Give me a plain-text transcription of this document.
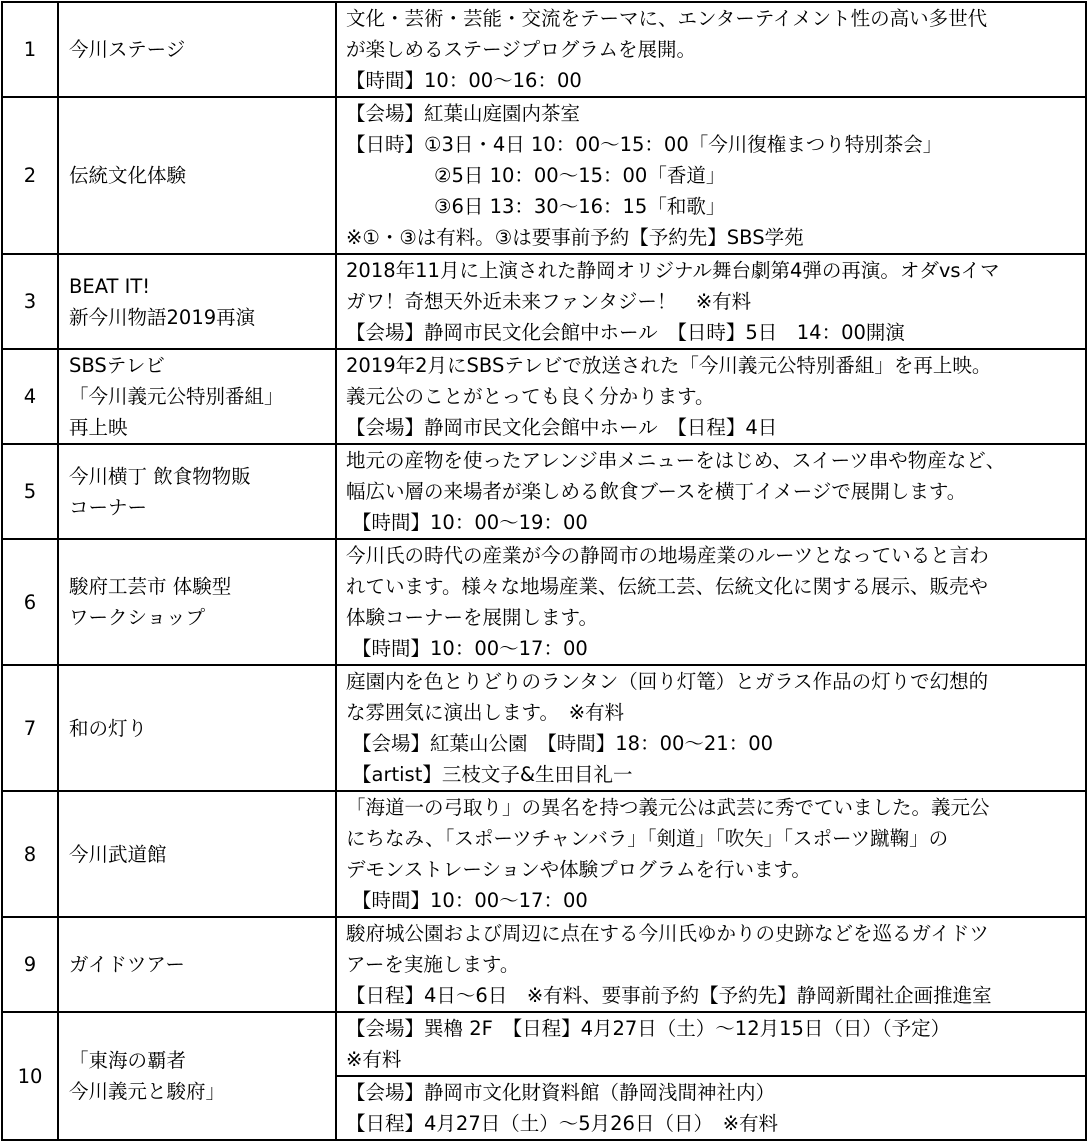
1	今川ステージ	文化・芸術・芸能・交流をテーマに、エンターテイメント性の高い多世代
が楽しめるステージプログラムを展開。
【時間】10：00～16：00

2	伝統文化体験	【会場】紅葉山庭園内茶室
【日時】①3日・4日 10：00～15：00「今川復権まつり特別茶会」
②5日 10：00～15：00「香道」
③6日 13：30～16：15「和歌」
※①・③は有料。③は要事前予約【予約先】SBS学苑

3	BEAT IT!
新今川物語2019再演	2018年11月に上演された静岡オリジナル舞台劇第4弾の再演。オダvsイマ
ガワ！奇想天外近未来ファンタジー！　※有料
【会場】静岡市民文化会館中ホール　【日時】5日　14：00開演

4	SBSテレビ
「今川義元公特別番組」
再上映	2019年2月にSBSテレビで放送された「今川義元公特別番組」を再上映。
義元公のことがとっても良く分かります。
【会場】静岡市民文化会館中ホール　【日程】4日

5	今川横丁 飲食物物販
コーナー	地元の産物を使ったアレンジ串メニューをはじめ、スイーツ串や物産など、
幅広い層の来場者が楽しめる飲食ブースを横丁イメージで展開します。
【時間】10：00～19：00

6	駿府工芸市 体験型
ワークショップ	今川氏の時代の産業が今の静岡市の地場産業のルーツとなっていると言わ
れています。様々な地場産業、伝統工芸、伝統文化に関する展示、販売や
体験コーナーを展開します。
【時間】10：00～17：00

7	和の灯り	庭園内を色とりどりのランタン（回り灯篭）とガラス作品の灯りで幻想的
な雰囲気に演出します。　※有料
【会場】紅葉山公園　【時間】18：00～21：00
【artist】三枝文子&生田目礼一

8	今川武道館	「海道一の弓取り」の異名を持つ義元公は武芸に秀でていました。義元公
にちなみ、「スポーツチャンバラ」「剣道」「吹矢」「スポーツ蹴鞠」の
デモンストレーションや体験プログラムを行います。
【時間】10：00～17：00

9	ガイドツアー	駿府城公園および周辺に点在する今川氏ゆかりの史跡などを巡るガイドツ
アーを実施します。
【日程】4日～6日　※有料、要事前予約【予約先】静岡新聞社企画推進室

10	「東海の覇者
今川義元と駿府」	【会場】巽櫓 2F　【日程】4月27日（土）～12月15日（日）（予定）
※有料

		【会場】静岡市文化財資料館（静岡浅間神社内）
【日程】4月27日（土）～5月26日（日）　※有料
